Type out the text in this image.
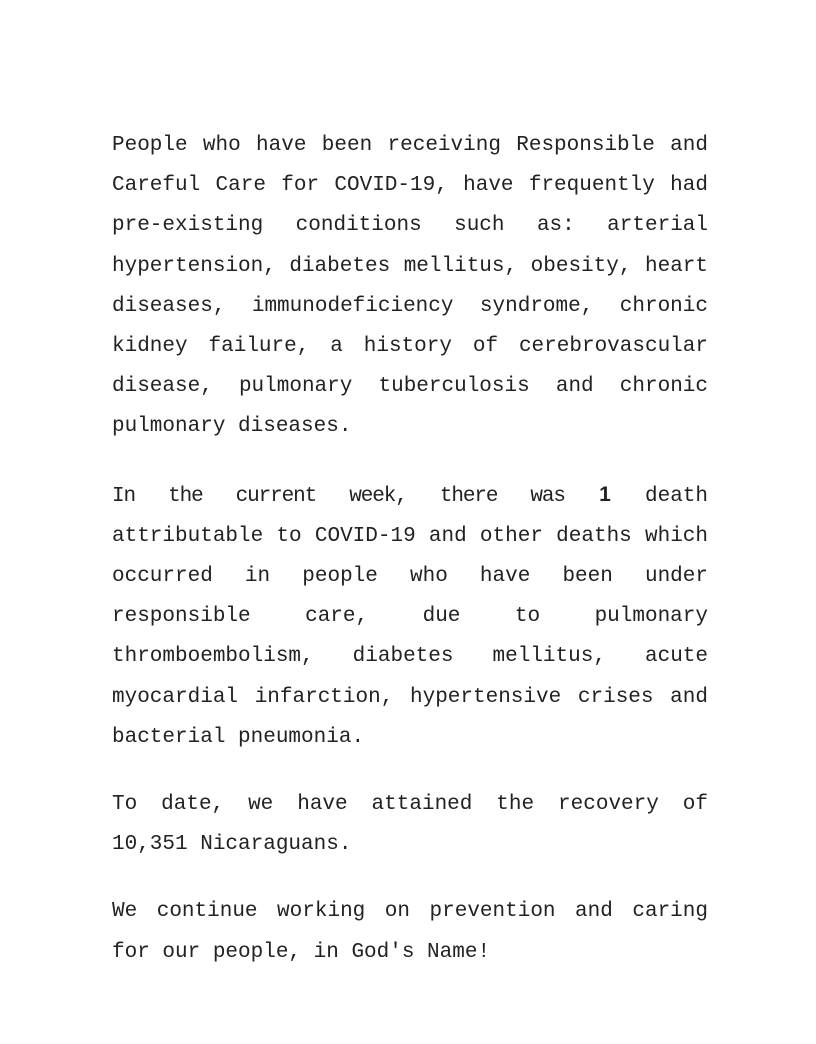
People who have been receiving Responsible and Careful Care for COVID-19, have frequently had pre-existing conditions such as: arterial hypertension, diabetes mellitus, obesity, heart diseases, immunodeficiency syndrome, chronic kidney failure, a history of cerebrovascular disease, pulmonary tuberculosis and chronic pulmonary diseases.

In the current week, there was 1 death attributable to COVID-19 and other deaths which occurred in people who have been under responsible care, due to pulmonary thromboembolism, diabetes mellitus, acute myocardial infarction, hypertensive crises and bacterial pneumonia.

To date, we have attained the recovery of 10,351 Nicaraguans.

We continue working on prevention and caring for our people, in God's Name!
